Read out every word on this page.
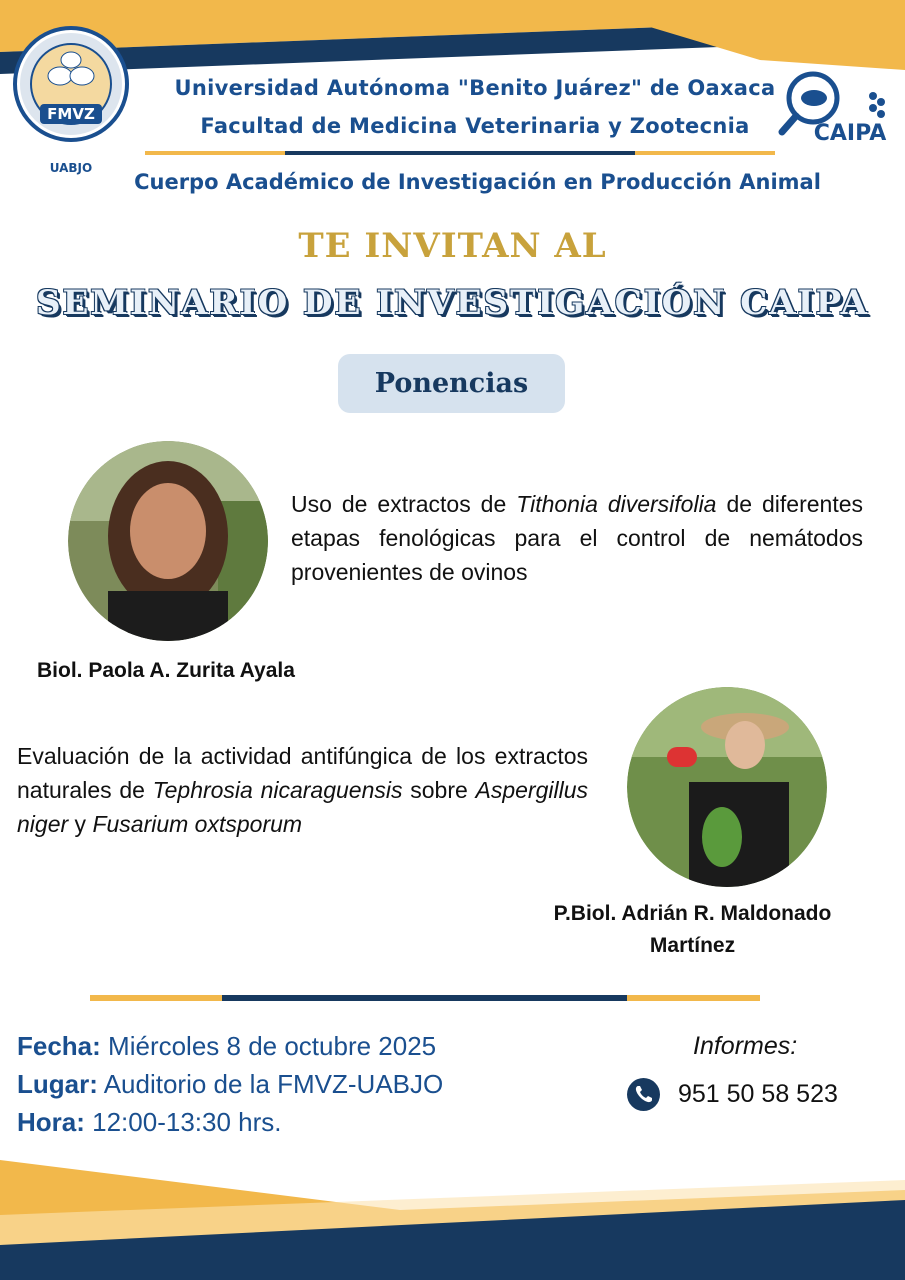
FMVZ
UABJO
CAIPA
Universidad Autónoma "Benito Juárez" de Oaxaca
Facultad de Medicina Veterinaria y Zootecnia
Cuerpo Académico de Investigación en Producción Animal
TE INVITAN AL
SEMINARIO DE INVESTIGACIÓN CAIPA
Ponencias
Uso de extractos de Tithonia diversifolia de diferentes etapas fenológicas para el control de nemátodos provenientes de ovinos
Biol. Paola A. Zurita Ayala
Evaluación de la actividad antifúngica de los extractos naturales de Tephrosia nicaraguensis sobre Aspergillus niger y Fusarium oxtsporum
P.Biol. Adrián R. Maldonado
Martínez
Fecha: Miércoles 8 de octubre 2025
Lugar: Auditorio de la FMVZ-UABJO
Hora: 12:00-13:30 hrs.
Informes:
951 50 58 523
